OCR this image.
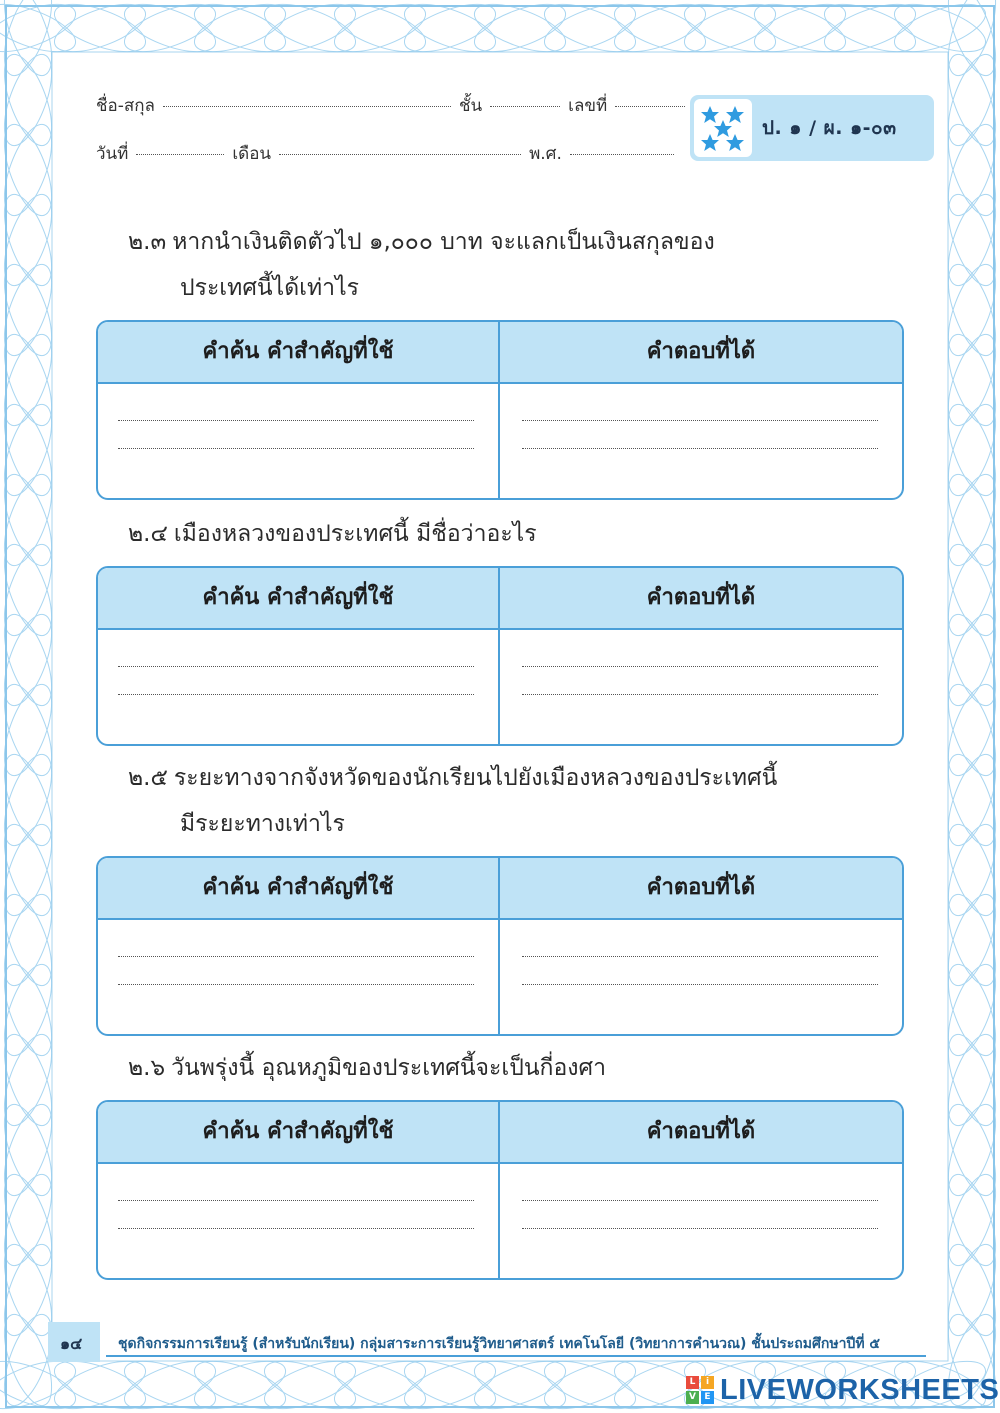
ชื่อ-สกุล	ชั้น	เลขที่
วันที่	เดือน	พ.ศ.
ป. ๑ / ผ. ๑-๐๓
๒.๓ หากนำเงินติดตัวไป ๑,๐๐๐ บาท จะแลกเป็นเงินสกุลของ
ประเทศนี้ได้เท่าไร
คำค้น คำสำคัญที่ใช้	คำตอบที่ได้
๒.๔ เมืองหลวงของประเทศนี้ มีชื่อว่าอะไร
คำค้น คำสำคัญที่ใช้	คำตอบที่ได้
๒.๕ ระยะทางจากจังหวัดของนักเรียนไปยังเมืองหลวงของประเทศนี้
มีระยะทางเท่าไร
คำค้น คำสำคัญที่ใช้	คำตอบที่ได้
๒.๖ วันพรุ่งนี้ อุณหภูมิของประเทศนี้จะเป็นกี่องศา
คำค้น คำสำคัญที่ใช้	คำตอบที่ได้
๑๔	ชุดกิจกรรมการเรียนรู้ (สำหรับนักเรียน) กลุ่มสาระการเรียนรู้วิทยาศาสตร์ เทคโนโลยี (วิทยาการคำนวณ) ชั้นประถมศึกษาปีที่ ๕
L	i
V E LIVEWORKSHEETS
